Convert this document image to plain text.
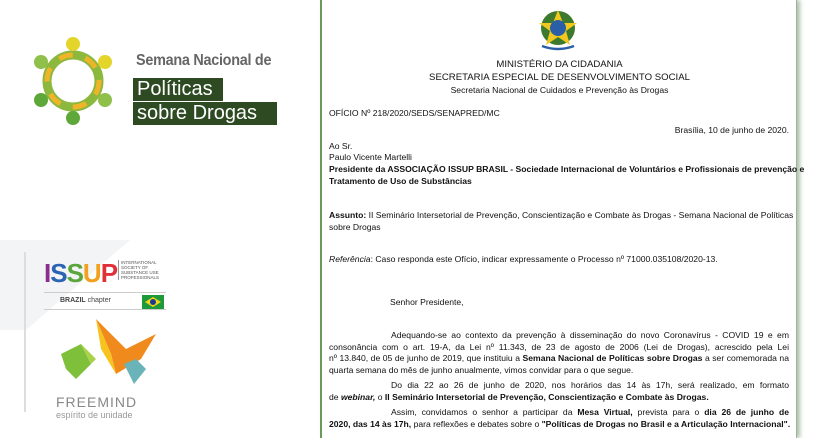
Semana Nacional de
Políticas
sobre Drogas
ISSUP INTERNATIONAL SOCIETY OF SUBSTANCE USE PROFESSIONALS
BRAZIL chapter
FREEMIND
espírito de unidade
MINISTÉRIO DA CIDADANIA
SECRETARIA ESPECIAL DE DESENVOLVIMENTO SOCIAL
Secretaria Nacional de Cuidados e Prevenção às Drogas
OFÍCIO Nº 218/2020/SEDS/SENAPRED/MC
Brasília, 10 de junho de 2020.
Ao Sr.
Paulo Vicente Martelli
Presidente da ASSOCIAÇÃO ISSUP BRASIL - Sociedade Internacional de Voluntários e Profissionais de prevenção e
Tratamento de Uso de Substâncias
Assunto: II Seminário Intersetorial de Prevenção, Conscientização e Combate às Drogas - Semana Nacional de Políticas
sobre Drogas
Referência: Caso responda este Ofício, indicar expressamente o Processo nº 71000.035108/2020-13.
Senhor Presidente,
Adequando-se ao contexto da prevenção à disseminação do novo Coronavírus - COVID 19 e em
consonância com o art. 19-A, da Lei nº 11.343, de 23 de agosto de 2006 (Lei de Drogas), acrescido pela Lei
nº 13.840, de 05 de junho de 2019, que instituiu a Semana Nacional de Políticas sobre Drogas a ser comemorada na
quarta semana do mês de junho anualmente, vimos convidar para o que segue.
Do dia 22 ao 26 de junho de 2020, nos horários das 14 às 17h, será realizado, em formato
de webinar, o II Seminário Intersetorial de Prevenção, Conscientização e Combate às Drogas.
Assim, convidamos o senhor a participar da Mesa Virtual, prevista para o dia 26 de junho de
2020, das 14 às 17h, para reflexões e debates sobre o "Políticas de Drogas no Brasil e a Articulação Internacional".
